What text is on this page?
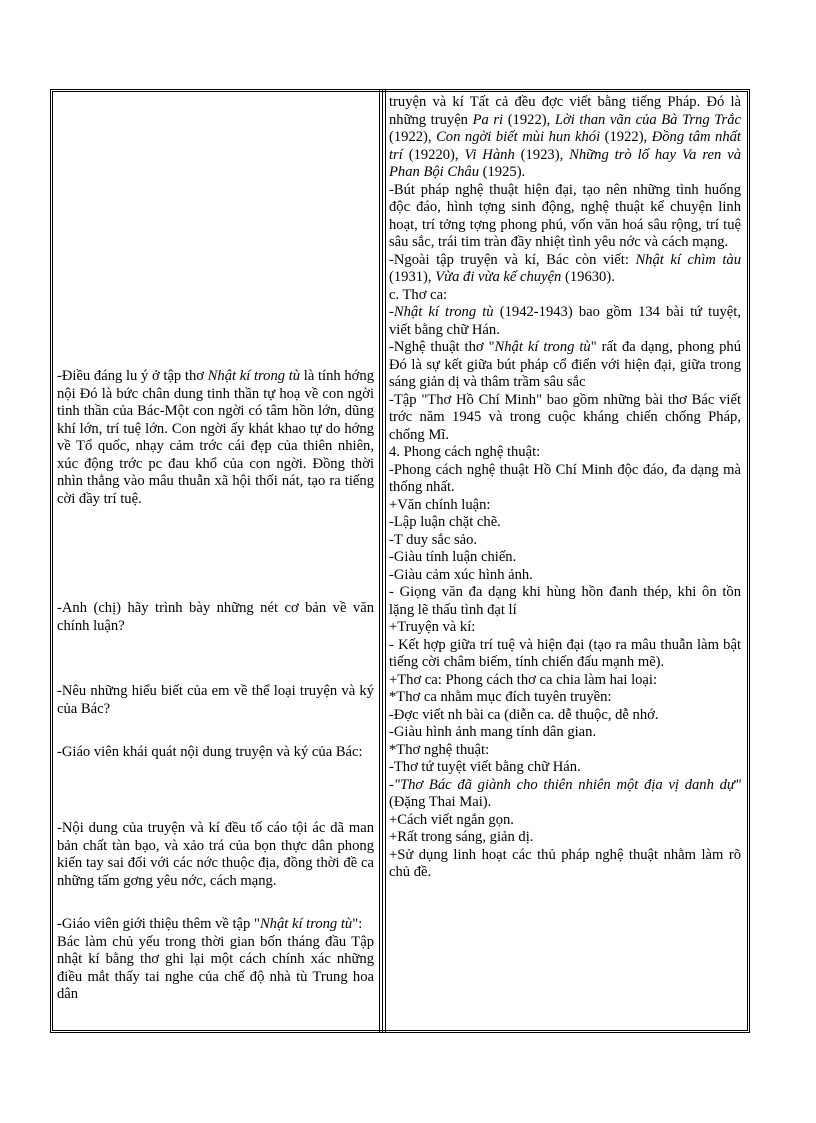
-Điều đáng lu ý ở tập thơ Nhật kí trong tù là tính hớng nội Đó là bức chân dung tinh thần tự hoạ về con ngời tinh thần của Bác-Một con ngời có tâm hồn lớn, dũng khí lớn, trí tuệ lớn. Con ngời ấy khát khao tự do hớng về Tổ quốc, nhạy cảm trớc cái đẹp của thiên nhiên, xúc động trớc pc đau khổ của con ngời. Đồng thời nhìn thẳng vào mâu thuẫn xã hội thối nát, tạo ra tiếng cời đầy trí tuệ.

-Anh (chị) hãy trình bày những nét cơ bản về văn chính luận?

-Nêu những hiểu biết của em về thể loại truyện và ký của Bác?

-Giáo viên khái quát nội dung truyện và ký của Bác:

-Nội dung của truyện và kí đều tố cáo tội ác dã man bản chất tàn bạo, và xảo trá của bọn thực dân phong kiến tay sai đối với các nớc thuộc địa, đồng thời đề ca những tấm gơng yêu nớc, cách mạng.

-Giáo viên giới thiệu thêm về tập "Nhật kí trong tù":

Bác làm chủ yếu trong thời gian bốn tháng đầu Tập nhật kí bằng thơ ghi lại một cách chính xác những điều mắt thấy tai nghe của chế độ nhà tù Trung hoa dân

truyện và kí Tất cả đều đợc viết bằng tiếng Pháp. Đó là những truyện Pa ri (1922), Lời than vãn của Bà Trng Trắc (1922), Con ngời biết mùi hun khói (1922), Đồng tâm nhất trí (19220), Vi Hành (1923), Những trò lố hay Va ren và Phan Bội Châu (1925).

-Bút pháp nghệ thuật hiện đại, tạo nên những tình huống độc đáo, hình tợng sinh động, nghệ thuật kể chuyện linh hoạt, trí tởng tợng phong phú, vốn văn hoá sâu rộng, trí tuệ sâu sắc, trái tim tràn đầy nhiệt tình yêu nớc và cách mạng.

-Ngoài tập truyện và kí, Bác còn viết: Nhật kí chìm tàu (1931), Vừa đi vừa kể chuyện (19630).

c. Thơ ca:

-Nhật kí trong tù (1942-1943) bao gồm 134 bài tứ tuyệt, viết bằng chữ Hán.

-Nghệ thuật thơ "Nhật kí trong tù" rất đa dạng, phong phú Đó là sự kết giữa bút pháp cổ điển với hiện đại, giữa trong sáng giản dị và thâm trầm sâu sắc

-Tập "Thơ Hồ Chí Minh" bao gồm những bài thơ Bác viết trớc năm 1945 và trong cuộc kháng chiến chống Pháp, chống Mĩ.

4. Phong cách nghệ thuật:

-Phong cách nghệ thuật Hồ Chí Minh độc đáo, đa dạng mà thống nhất.

+Văn chính luận:

-Lập luận chặt chẽ.

-T duy sắc sảo.

-Giàu tính luận chiến.

-Giàu cảm xúc hình ảnh.

- Giọng văn đa dạng khi hùng hồn đanh thép, khi ôn tồn lặng lẽ thấu tình đạt lí

+Truyện và kí:

- Kết hợp giữa trí tuệ và hiện đại (tạo ra mâu thuẫn làm bật tiếng cời châm biếm, tính chiến đấu mạnh mẽ).

+Thơ ca: Phong cách thơ ca chia làm hai loại:

*Thơ ca nhằm mục đích tuyên truyền:

-Đợc viết nh bài ca (diễn ca. dễ thuộc, dễ nhớ.

-Giàu hình ảnh mang tính dân gian.

*Thơ nghệ thuật:

-Thơ tứ tuyệt viết bằng chữ Hán.

-"Thơ Bác đã giành cho thiên nhiên một địa vị danh dự"(Đặng Thai Mai).

+Cách viết ngắn gọn.

+Rất trong sáng, giản dị.

+Sử dụng linh hoạt các thủ pháp nghệ thuật nhằm làm rõ chủ đề.
